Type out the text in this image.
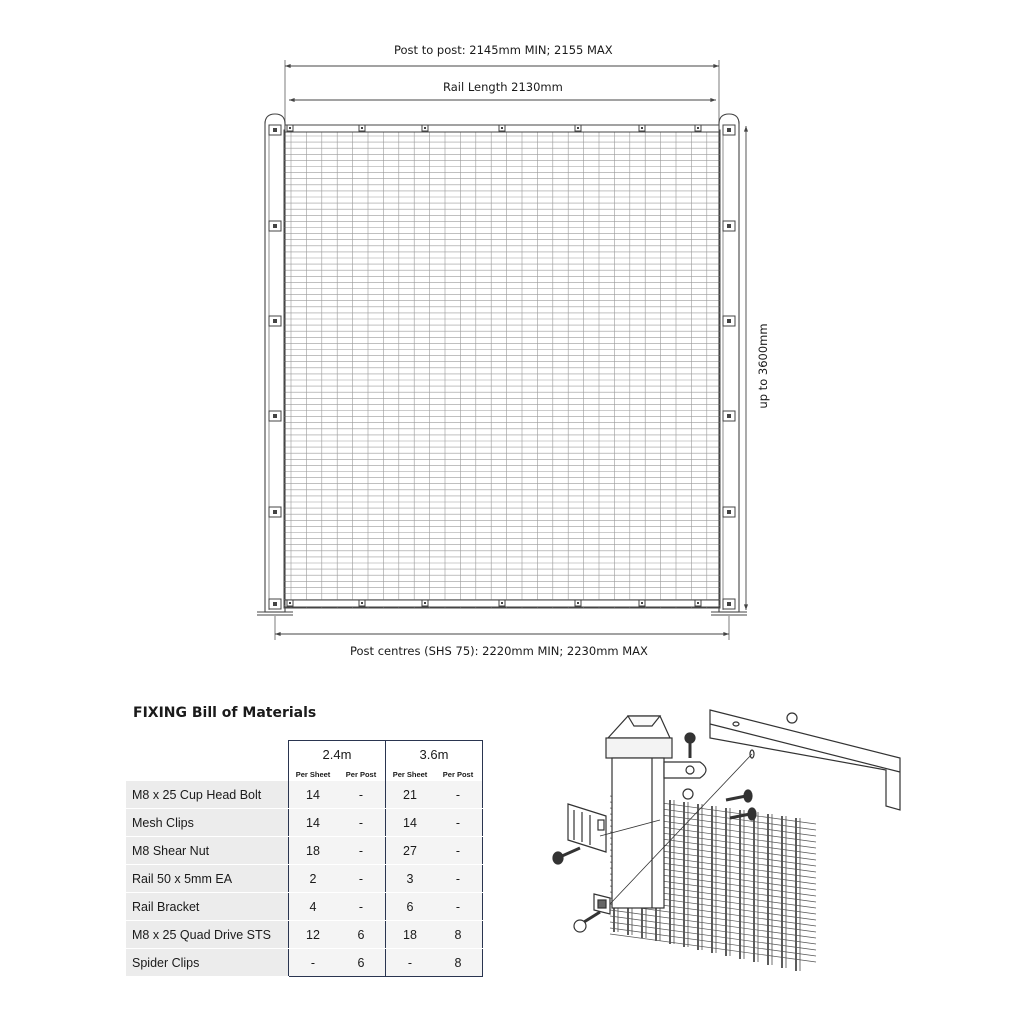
Post to post: 2145mm MIN; 2155 MAX
Rail Length 2130mm
up to 3600mm
Post centres (SHS 75): 2220mm MIN; 2230mm MAX
FIXING Bill of Materials
	2.4m		3.6m	
	Per Sheet	Per Post	Per Sheet	Per Post
M8 x 25 Cup Head Bolt	14	-	21	-
Mesh Clips	14	-	14	-
M8 Shear Nut	18	-	27	-
Rail 50 x 5mm EA	2	-	3	-
Rail Bracket	4	-	6	-
M8 x 25 Quad Drive STS	12	6	18	8
Spider Clips	-	6	-	8
